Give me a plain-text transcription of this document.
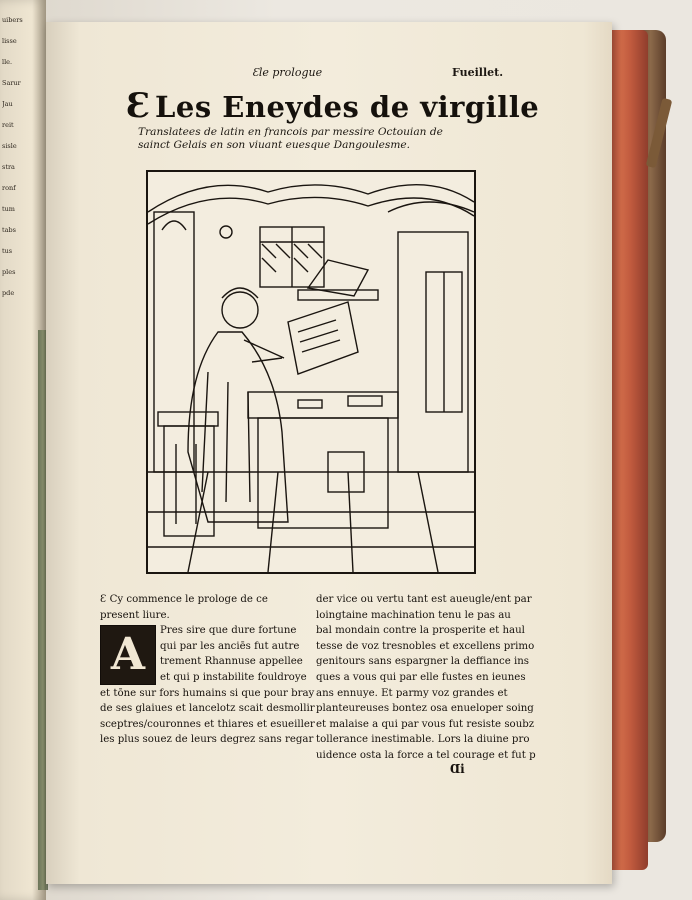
uibers
lisse
lle.
Sarur
Jau
reit
sisle
stra
ronf
tum
tabs
tus
ples
pde
Ɛle prologue	Fueillet.
Ɛ Les Eneydes de virgille
Translatees de latin en francois par messire Octouian de sainct Gelais en son viuant euesque Dangoulesme.

Ɛ Cy commence le prologe de ce present liure.

A	Pres sire que dure fortune
qui par les anciēs fut autre
trement Rhannuse appellee
et qui p instabilite fouldroye
et tōne sur fors humains si que pour bray
de ses glaiues et lancelotz scait desmollir
sceptres/couronnes et thiares et esueiller
les plus souez de leurs degrez sans regar
der vice ou vertu tant est aueugle/ent par
loingtaine machination tenu le pas au
bal mondain contre la prosperite et haul
tesse de voz tresnobles et excellens primo
genitours sans espargner la deffiance ins
ques a vous qui par elle fustes en ieunes
ans ennuye. Et parmy voz grandes et
planteureuses bontez osa enueloper soing
et malaise a qui par vous fut resiste soubz
tollerance inestimable. Lors la diuine pro
uidence osta la force a tel courage et fut p
Ɑi
